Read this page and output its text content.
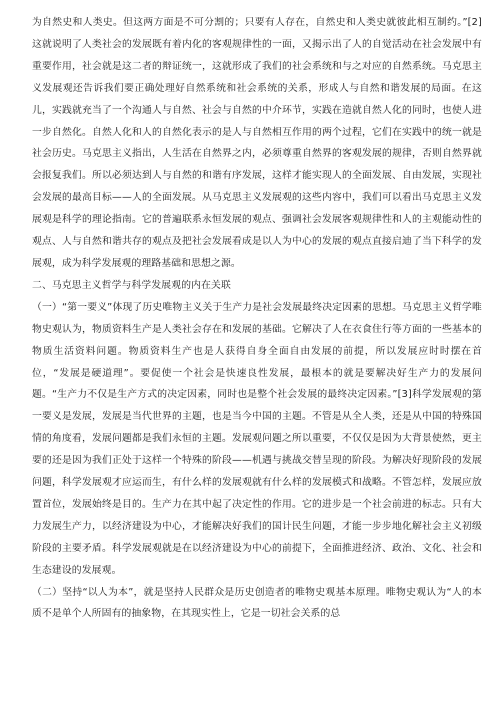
为自然史和人类史。但这两方面是不可分割的；只要有人存在，自然史和人类史就彼此相互制约。”[2]这就说明了人类社会的发展既有着内化的客观规律性的一面，又揭示出了人的自觉活动在社会发展中有重要作用，社会就是这二者的辩证统一，这就形成了我们的社会系统和与之对应的自然系统。马克思主义发展观还告诉我们要正确处理好自然系统和社会系统的关系，形成人与自然和谐发展的局面。在这儿，实践就充当了一个沟通人与自然、社会与自然的中介环节，实践在造就自然人化的同时，也使人进一步自然化。自然人化和人的自然化表示的是人与自然相互作用的两个过程，它们在实践中的统一就是社会历史。马克思主义指出，人生活在自然界之内，必须尊重自然界的客观发展的规律，否则自然界就会报复我们。所以必须达到人与自然的和谐有序发展，这样才能实现人的全面发展、自由发展，实现社会发展的最高目标——人的全面发展。从马克思主义发展观的这些内容中，我们可以看出马克思主义发展观是科学的理论指南。它的普遍联系永恒发展的观点、强调社会发展客观规律性和人的主观能动性的观点、人与自然和谐共存的观点及把社会发展看成是以人为中心的发展的观点直接启迪了当下科学的发展观，成为科学发展观的理路基础和思想之源。

二、马克思主义哲学与科学发展观的内在关联

（一）“第一要义”体现了历史唯物主义关于生产力是社会发展最终决定因素的思想。马克思主义哲学唯物史观认为，物质资料生产是人类社会存在和发展的基础。它解决了人在衣食住行等方面的一些基本的物质生活资料问题。物质资料生产也是人获得自身全面自由发展的前提，所以发展应时时摆在首位，“发展是硬道理”。要促使一个社会是快速良性发展，最根本的就是要解决好生产力的发展问题。“生产力不仅是生产方式的决定因素，同时也是整个社会发展的最终决定因素。”[3]科学发展观的第一要义是发展，发展是当代世界的主题，也是当今中国的主题。不管是从全人类，还是从中国的特殊国情的角度看，发展问题都是我们永恒的主题。发展观问题之所以重要，不仅仅是因为大背景使然，更主要的还是因为我们正处于这样一个特殊的阶段——机遇与挑战交替呈现的阶段。为解决好现阶段的发展问题，科学发展观才应运而生，有什么样的发展观就有什么样的发展模式和战略。不管怎样，发展应放置首位，发展始终是目的。生产力在其中起了决定性的作用。它的进步是一个社会前进的标志。只有大力发展生产力，以经济建设为中心，才能解决好我们的国计民生问题，才能一步步地化解社会主义初级阶段的主要矛盾。科学发展观就是在以经济建设为中心的前提下，全面推进经济、政治、文化、社会和生态建设的发展观。

（二）坚持“以人为本”，就是坚持人民群众是历史创造者的唯物史观基本原理。唯物史观认为“人的本质不是单个人所固有的抽象物，在其现实性上，它是一切社会关系的总
